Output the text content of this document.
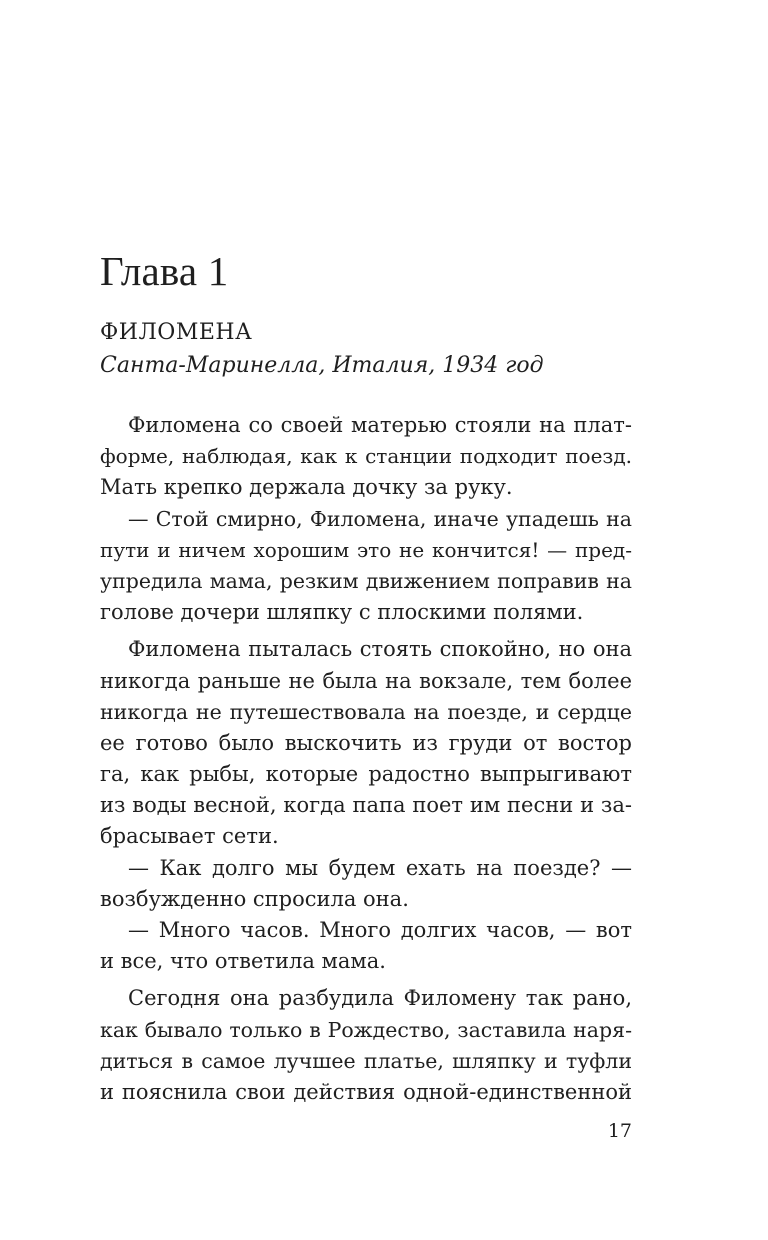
Глава 1
ФИЛОМЕНА
Санта-Маринелла, Италия, 1934 год
Филомена со своей матерью стояли на плат-
форме, наблюдая, как к станции подходит поезд.
Мать крепко держала дочку за руку.
— Стой смирно, Филомена, иначе упадешь на
пути и ничем хорошим это не кончится! — пред-
упредила мама, резким движением поправив на
голове дочери шляпку с плоскими полями.
Филомена пыталась стоять спокойно, но она
никогда раньше не была на вокзале, тем более
никогда не путешествовала на поезде, и сердце
ее готово было выскочить из груди от востор
га, как рыбы, которые радостно выпрыгивают
из воды весной, когда папа поет им песни и за-
брасывает сети.
— Как долго мы будем ехать на поезде? —
возбужденно спросила она.
— Много часов. Много долгих часов, — вот
и все, что ответила мама.
Сегодня она разбудила Филомену так рано,
как бывало только в Рождество, заставила наря-
диться в самое лучшее платье, шляпку и туфли
и пояснила свои действия одной-единственной
17
